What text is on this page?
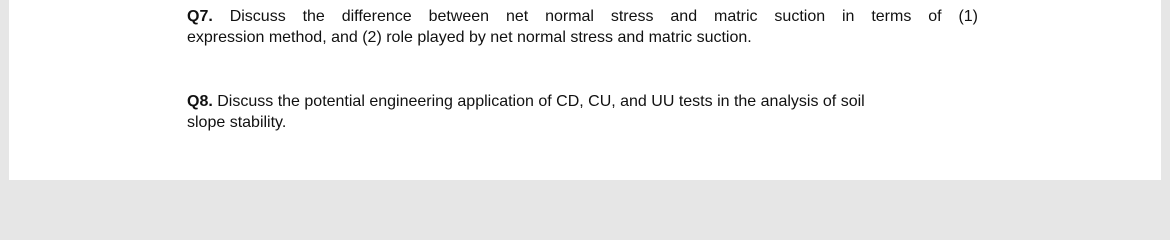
Q7. Discuss the difference between net normal stress and matric suction in terms of (1)
expression method, and (2) role played by net normal stress and matric suction.
Q8. Discuss the potential engineering application of CD, CU, and UU tests in the analysis of soil
slope stability.
